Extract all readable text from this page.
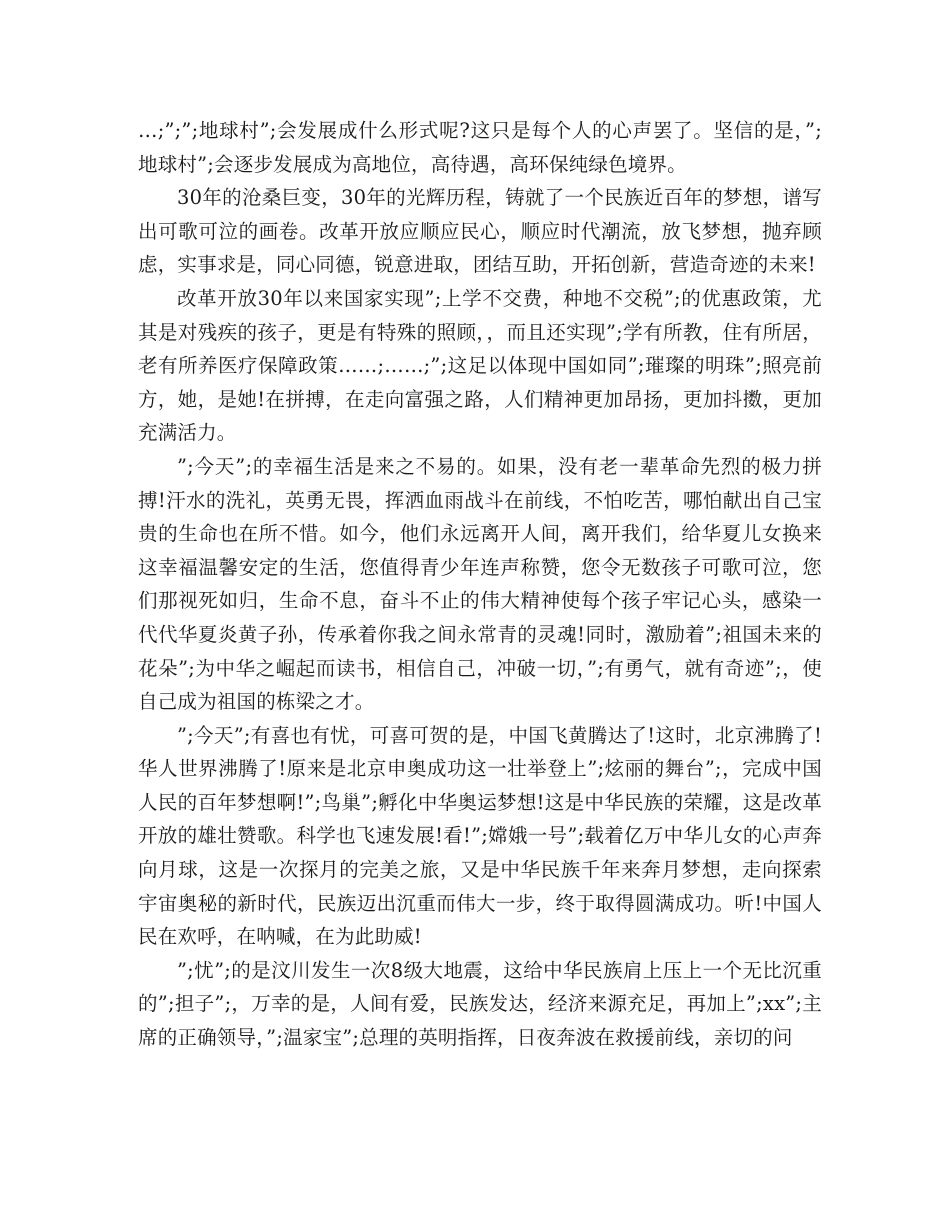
…;”;”;地球村”;会发展成什么形式呢?这只是每个人的心声罢了。坚信的是，”;地球村”;会逐步发展成为高地位，高待遇，高环保纯绿色境界。

30年的沧桑巨变，30年的光辉历程，铸就了一个民族近百年的梦想，谱写出可歌可泣的画卷。改革开放应顺应民心，顺应时代潮流，放飞梦想，抛弃顾虑，实事求是，同心同德，锐意进取，团结互助，开拓创新，营造奇迹的未来!

改革开放30年以来国家实现”;上学不交费，种地不交税”;的优惠政策，尤其是对残疾的孩子，更是有特殊的照顾，，而且还实现”;学有所教，住有所居，老有所养医疗保障政策……;……;”;这足以体现中国如同”;璀璨的明珠”;照亮前方，她，是她!在拼搏，在走向富强之路，人们精神更加昂扬，更加抖擞，更加充满活力。

”;今天”;的幸福生活是来之不易的。如果，没有老一辈革命先烈的极力拼搏!汗水的洗礼，英勇无畏，挥洒血雨战斗在前线，不怕吃苦，哪怕献出自己宝贵的生命也在所不惜。如今，他们永远离开人间，离开我们，给华夏儿女换来这幸福温馨安定的生活，您值得青少年连声称赞，您令无数孩子可歌可泣，您们那视死如归，生命不息，奋斗不止的伟大精神使每个孩子牢记心头，感染一代代华夏炎黄子孙，传承着你我之间永常青的灵魂!同时，激励着”;祖国未来的花朵”;为中华之崛起而读书，相信自己，冲破一切，”;有勇气，就有奇迹”;，使自己成为祖国的栋梁之才。

”;今天”;有喜也有忧，可喜可贺的是，中国飞黄腾达了!这时，北京沸腾了!华人世界沸腾了!原来是北京申奥成功这一壮举登上”;炫丽的舞台”;，完成中国人民的百年梦想啊!”;鸟巢”;孵化中华奥运梦想!这是中华民族的荣耀，这是改革开放的雄壮赞歌。科学也飞速发展!看!”;嫦娥一号”;载着亿万中华儿女的心声奔向月球，这是一次探月的完美之旅，又是中华民族千年来奔月梦想，走向探索宇宙奥秘的新时代，民族迈出沉重而伟大一步，终于取得圆满成功。听!中国人民在欢呼，在呐喊，在为此助威!

”;忧”;的是汶川发生一次8级大地震，这给中华民族肩上压上一个无比沉重的”;担子”;，万幸的是，人间有爱，民族发达，经济来源充足，再加上”;xx”;主席的正确领导，”;温家宝”;总理的英明指挥，日夜奔波在救援前线，亲切的问
